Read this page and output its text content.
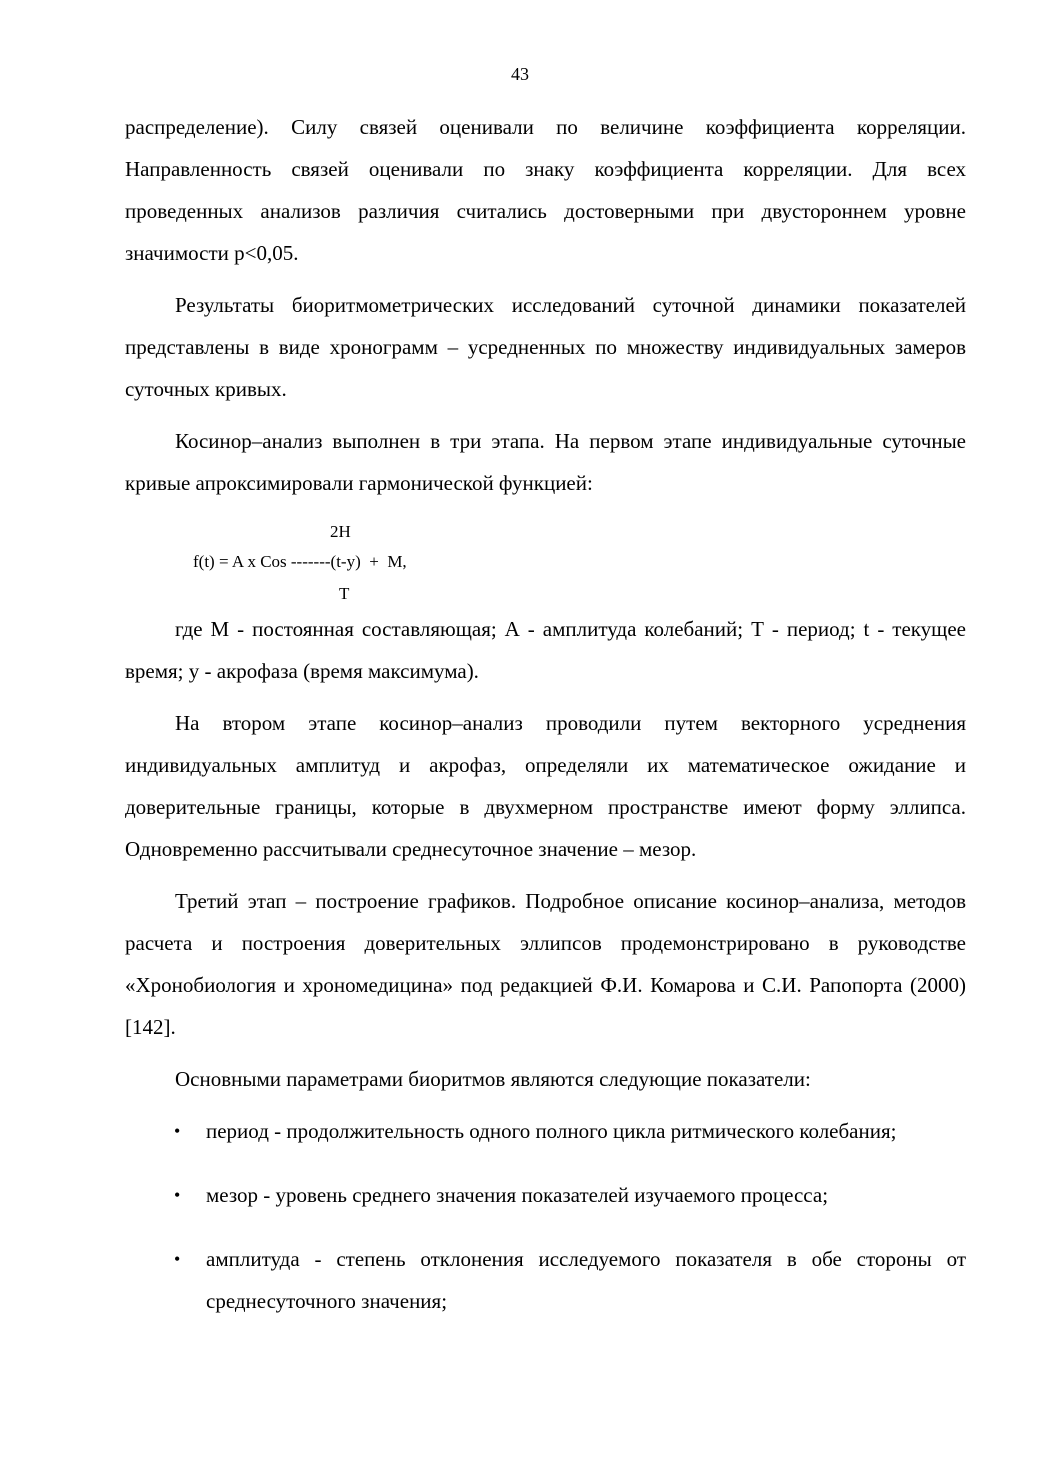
43

распределение). Силу связей оценивали по величине коэффициента корреляции. Направленность связей оценивали по знаку коэффициента корреляции. Для всех проведенных анализов различия считались достоверными при двустороннем уровне значимости р<0,05.

Результаты биоритмометрических исследований суточной динамики показателей представлены в виде хронограмм – усредненных по множеству индивидуальных замеров суточных кривых.

Косинор–анализ выполнен в три этапа. На первом этапе индивидуальные суточные кривые апроксимировали гармонической функцией:

2Н
f(t) = A x Cos -------(t-y)  +  M,
T

где М - постоянная составляющая; А - амплитуда колебаний; Т - период; t - текущее время; y - акрофаза (время максимума).

На втором этапе косинор–анализ проводили путем векторного усреднения индивидуальных амплитуд и акрофаз, определяли их математическое ожидание и доверительные границы, которые в двухмерном пространстве имеют форму эллипса. Одновременно рассчитывали среднесуточное значение – мезор.

Третий этап – построение графиков. Подробное описание косинор–анализа, методов расчета и построения доверительных эллипсов продемонстрировано в руководстве «Хронобиология и хрономедицина» под редакцией Ф.И. Комарова и С.И. Рапопорта (2000) [142].

Основными параметрами биоритмов являются следующие показатели:

• период - продолжительность одного полного цикла ритмического колебания;
• мезор - уровень среднего значения показателей изучаемого процесса;
• амплитуда - степень отклонения исследуемого показателя в обе стороны от среднесуточного значения;
